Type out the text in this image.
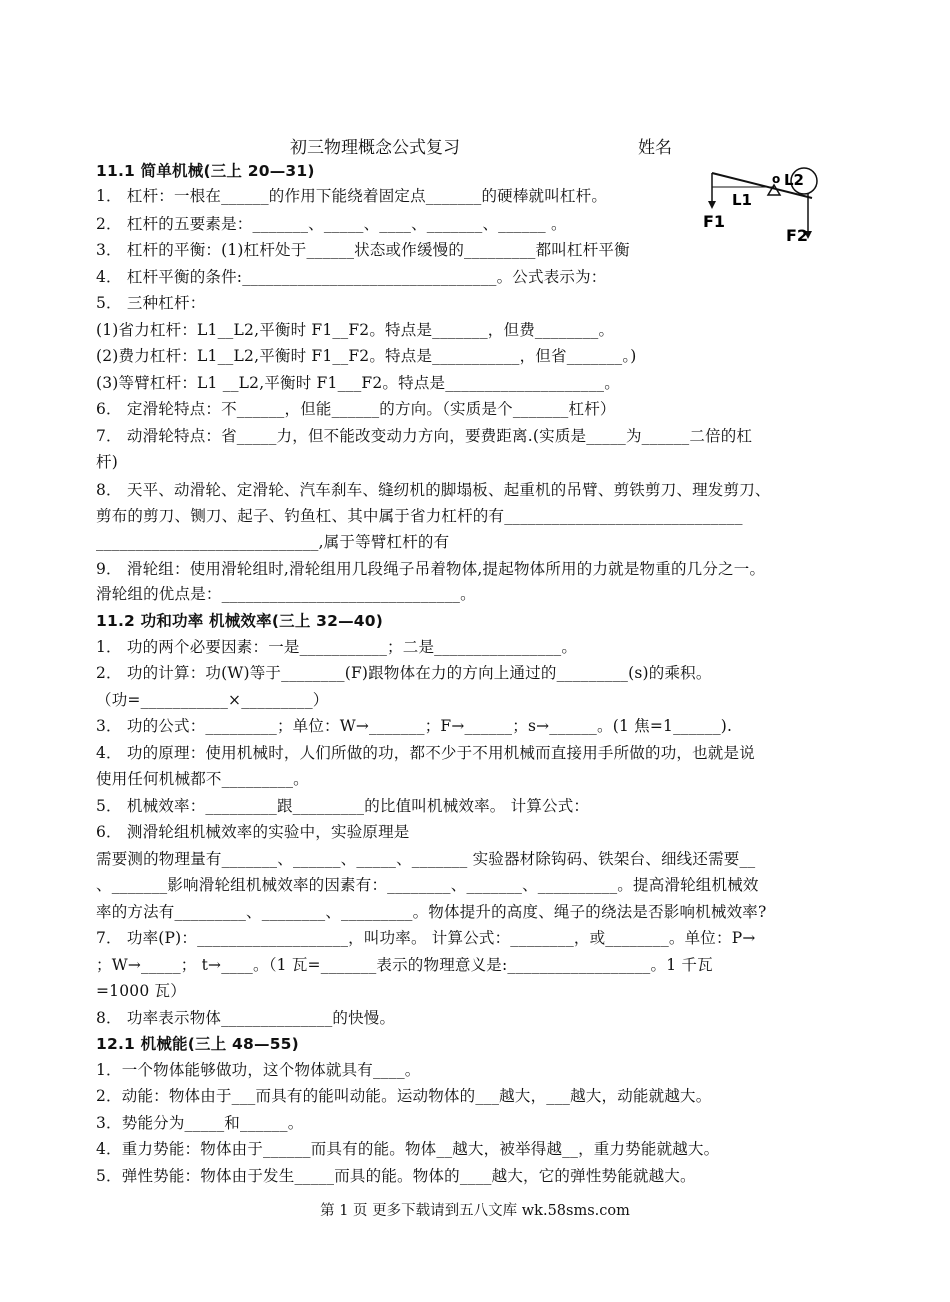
初三物理概念公式复习	姓名
11.1 简单机械(三上 20—31)
1． 杠杆：一根在______的作用下能绕着固定点_______的硬棒就叫杠杆。
2． 杠杆的五要素是：_______、_____、____、_______、______ 。
3． 杠杆的平衡：(1)杠杆处于______状态或作缓慢的_________都叫杠杆平衡
4． 杠杆平衡的条件:________________________________。公式表示为：
5． 三种杠杆：
(1)省力杠杆：L1__L2,平衡时 F1__F2。特点是_______，但费________。
(2)费力杠杆：L1__L2,平衡时 F1__F2。特点是___________，但省_______。)
(3)等臂杠杆：L1 __L2,平衡时 F1___F2。特点是____________________。
6． 定滑轮特点：不______，但能______的方向。（实质是个_______杠杆）
7． 动滑轮特点：省_____力，但不能改变动力方向，要费距离.(实质是_____为______二倍的杠
杆)
8． 天平、动滑轮、定滑轮、汽车刹车、缝纫机的脚塌板、起重机的吊臂、剪铁剪刀、理发剪刀、
剪布的剪刀、铡刀、起子、钓鱼杠、其中属于省力杠杆的有______________________________
____________________________,属于等臂杠杆的有
9． 滑轮组：使用滑轮组时,滑轮组用几段绳子吊着物体,提起物体所用的力就是物重的几分之一。
滑轮组的优点是：______________________________。
11.2 功和功率 机械效率(三上 32—40)
1． 功的两个必要因素：一是___________；二是________________。
2． 功的计算：功(W)等于________(F)跟物体在力的方向上通过的_________(s)的乘积。
（功=___________×_________）
3． 功的公式：_________；单位：W→_______；F→______；s→______。(1 焦=1______).
4． 功的原理：使用机械时，人们所做的功，都不少于不用机械而直接用手所做的功，也就是说
使用任何机械都不_________。
5． 机械效率：_________跟_________的比值叫机械效率。 计算公式：
6． 测滑轮组机械效率的实验中，实验原理是
需要测的物理量有_______、______、_____、_______ 实验器材除钩码、铁架台、细线还需要__
、_______影响滑轮组机械效率的因素有：________、_______、__________。提高滑轮组机械效
率的方法有_________、________、_________。物体提升的高度、绳子的绕法是否影响机械效率?
7． 功率(P)：___________________，叫功率。 计算公式：________，或________。单位：P→
；W→_____； t→____。（1 瓦=_______表示的物理意义是:__________________。1 千瓦
=1000 瓦）
8． 功率表示物体______________的快慢。
12.1 机械能(三上 48—55)
1．一个物体能够做功，这个物体就具有____。
2．动能：物体由于___而具有的能叫动能。运动物体的___越大，___越大，动能就越大。
3．势能分为_____和______。
4．重力势能：物体由于______而具有的能。物体__越大，被举得越__，重力势能就越大。
5．弹性势能：物体由于发生_____而具的能。物体的____越大，它的弹性势能就越大。
F1
L1
o L2
F2
第 1 页 更多下载请到五八文库 wk.58sms.com
